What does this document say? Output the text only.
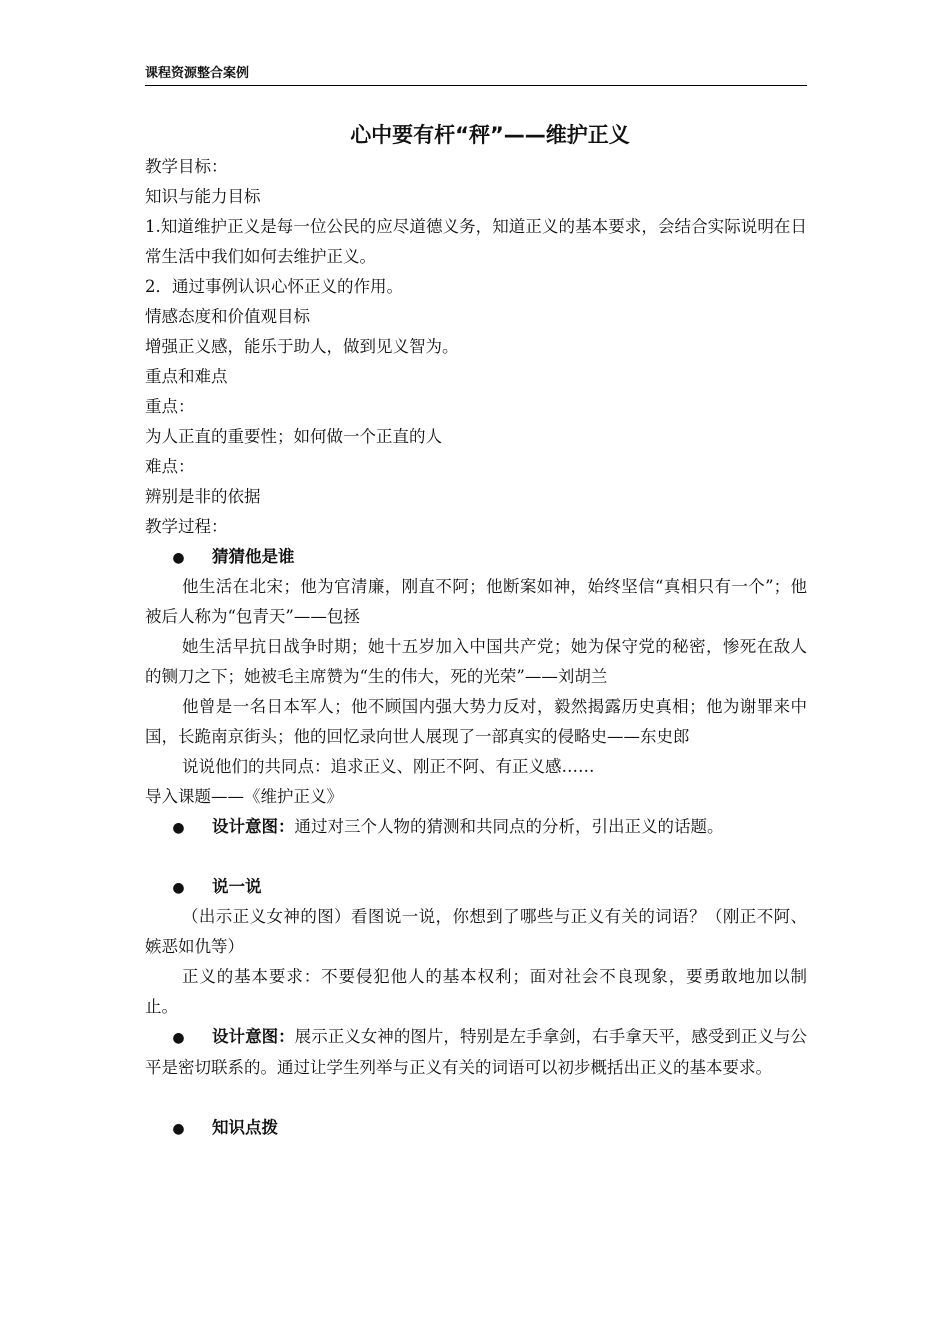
课程资源整合案例
心中要有杆“秤”——维护正义
教学目标：
知识与能力目标
1.知道维护正义是每一位公民的应尽道德义务，知道正义的基本要求，会结合实际说明在日常生活中我们如何去维护正义。
2．通过事例认识心怀正义的作用。
情感态度和价值观目标
增强正义感，能乐于助人，做到见义智为。
重点和难点
重点：
为人正直的重要性；如何做一个正直的人
难点：
辨别是非的依据
教学过程：
● 猜猜他是谁
他生活在北宋；他为官清廉，刚直不阿；他断案如神，始终坚信“真相只有一个”；他被后人称为“包青天”——包拯
她生活早抗日战争时期；她十五岁加入中国共产党；她为保守党的秘密，惨死在敌人的铡刀之下；她被毛主席赞为“生的伟大，死的光荣”——刘胡兰
他曾是一名日本军人；他不顾国内强大势力反对，毅然揭露历史真相；他为谢罪来中国，长跪南京街头；他的回忆录向世人展现了一部真实的侵略史——东史郎
说说他们的共同点：追求正义、刚正不阿、有正义感……
导入课题——《维护正义》
● 设计意图：通过对三个人物的猜测和共同点的分析，引出正义的话题。
● 说一说
（出示正义女神的图）看图说一说，你想到了哪些与正义有关的词语？（刚正不阿、嫉恶如仇等）
正义的基本要求：不要侵犯他人的基本权利；面对社会不良现象，要勇敢地加以制止。
● 设计意图：展示正义女神的图片，特别是左手拿剑，右手拿天平，感受到正义与公平是密切联系的。通过让学生列举与正义有关的词语可以初步概括出正义的基本要求。
● 知识点拨
